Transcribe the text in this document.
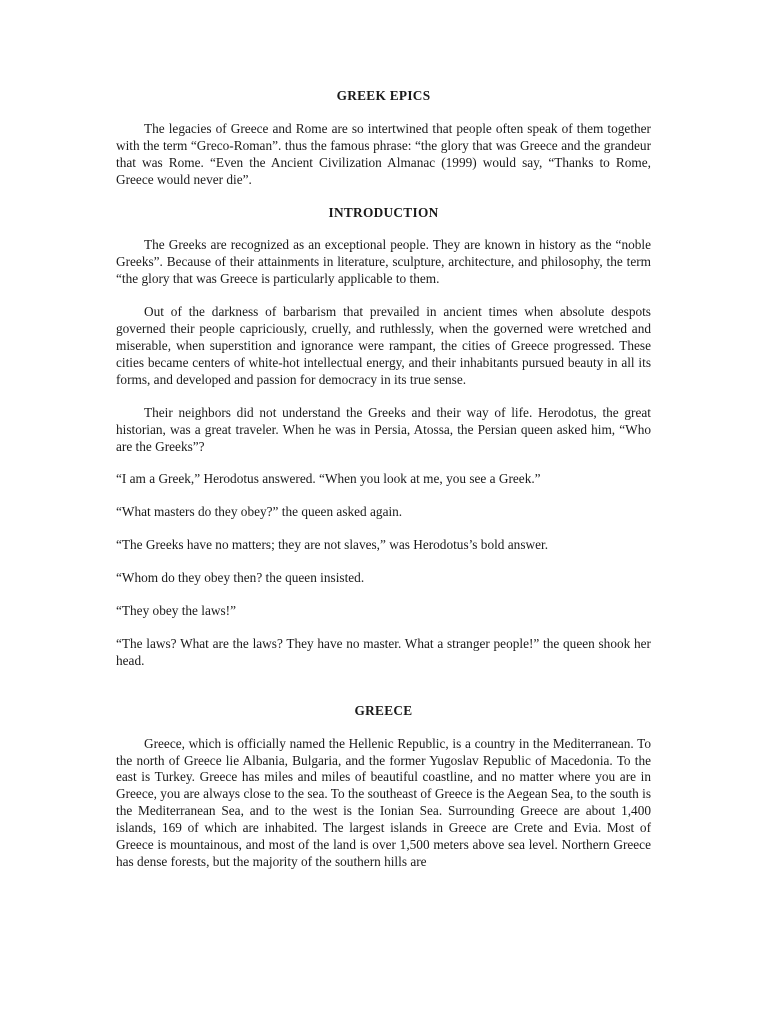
GREEK EPICS

The legacies of Greece and Rome are so intertwined that people often speak of them together with the term “Greco-Roman”. thus the famous phrase: “the glory that was Greece and the grandeur that was Rome. “Even the Ancient Civilization Almanac (1999) would say, “Thanks to Rome, Greece would never die”.

INTRODUCTION

The Greeks are recognized as an exceptional people. They are known in history as the “noble Greeks”. Because of their attainments in literature, sculpture, architecture, and philosophy, the term “the glory that was Greece is particularly applicable to them.

Out of the darkness of barbarism that prevailed in ancient times when absolute despots governed their people capriciously, cruelly, and ruthlessly, when the governed were wretched and miserable, when superstition and ignorance were rampant, the cities of Greece progressed. These cities became centers of white-hot intellectual energy, and their inhabitants pursued beauty in all its forms, and developed and passion for democracy in its true sense.

Their neighbors did not understand the Greeks and their way of life. Herodotus, the great historian, was a great traveler. When he was in Persia, Atossa, the Persian queen asked him, “Who are the Greeks”?

“I am a Greek,” Herodotus answered. “When you look at me, you see a Greek.”

“What masters do they obey?” the queen asked again.

“The Greeks have no matters; they are not slaves,” was Herodotus’s bold answer.

“Whom do they obey then? the queen insisted.

“They obey the laws!”

“The laws? What are the laws? They have no master. What a stranger people!” the queen shook her head.

GREECE

Greece, which is officially named the Hellenic Republic, is a country in the Mediterranean. To the north of Greece lie Albania, Bulgaria, and the former Yugoslav Republic of Macedonia. To the east is Turkey. Greece has miles and miles of beautiful coastline, and no matter where you are in Greece, you are always close to the sea. To the southeast of Greece is the Aegean Sea, to the south is the Mediterranean Sea, and to the west is the Ionian Sea. Surrounding Greece are about 1,400 islands, 169 of which are inhabited. The largest islands in Greece are Crete and Evia. Most of Greece is mountainous, and most of the land is over 1,500 meters above sea level. Northern Greece has dense forests, but the majority of the southern hills are
